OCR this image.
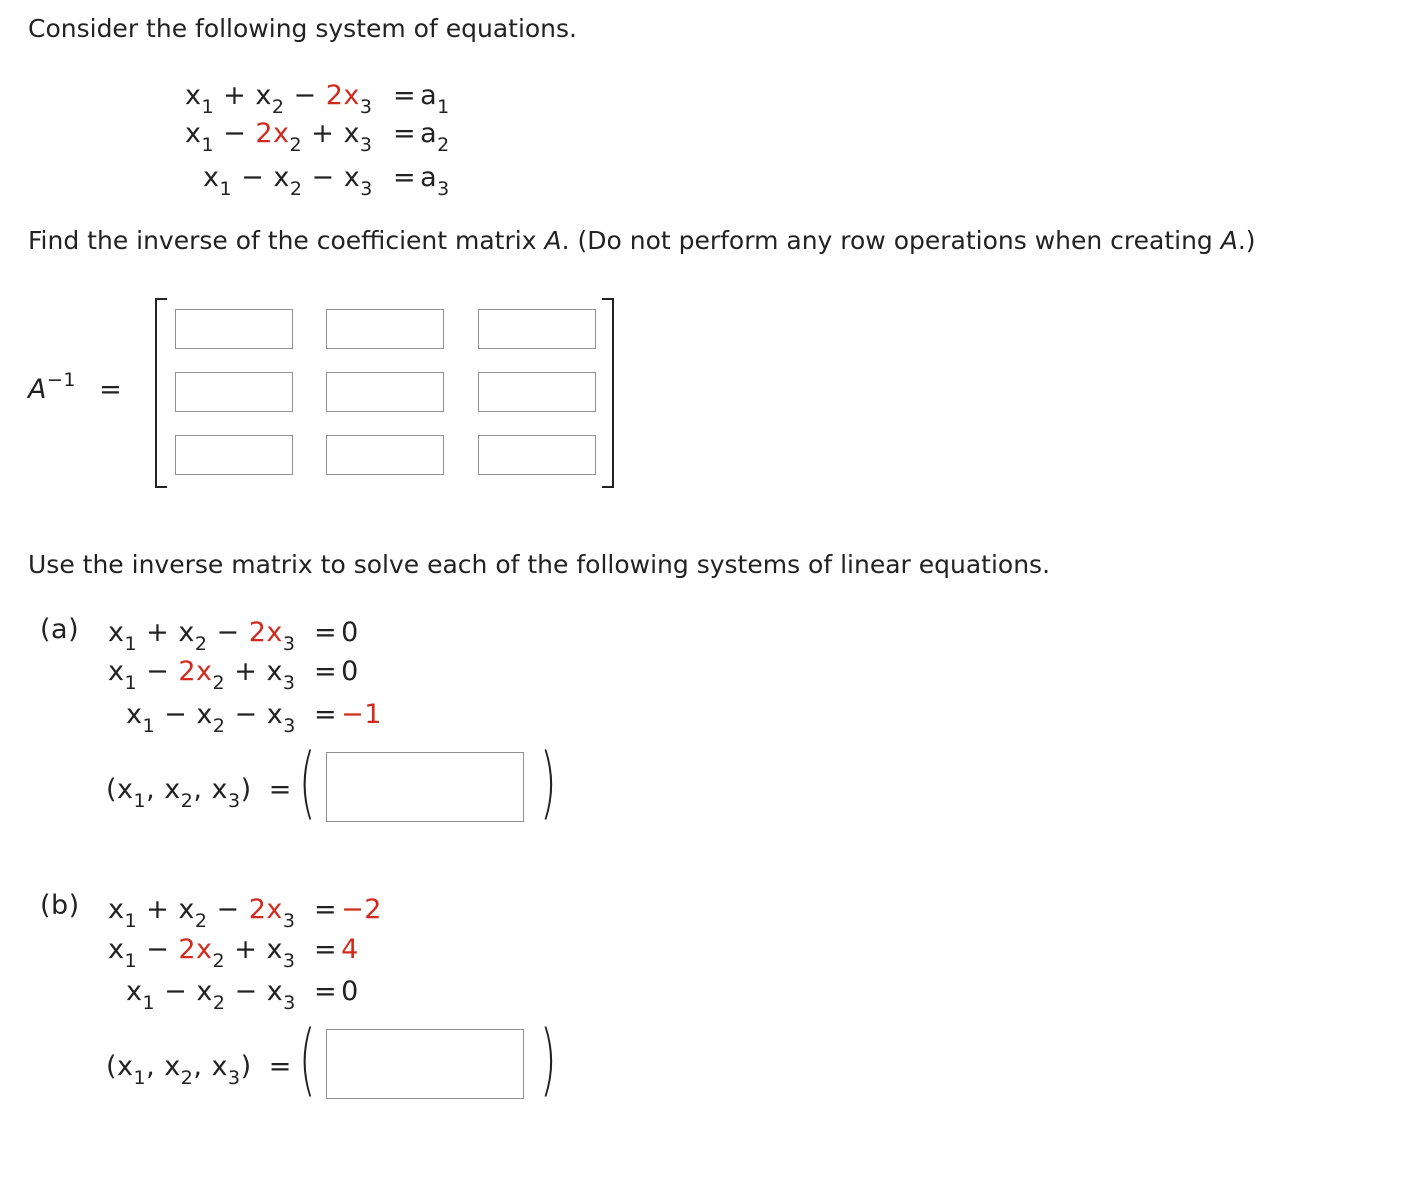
Consider the following system of equations.
$x_1 + x_2 - 2x_3 = a_1$
$x_1 - 2x_2 + x_3 = a_2$
$x_1 - x_2 - x_3 = a_3$
Find the inverse of the coefficient matrix A. (Do not perform any row operations when creating A.)
$A^{-1}$ =
Use the inverse matrix to solve each of the following systems of linear equations.
(a) $x_1 + x_2 - 2x_3 = 0$
$x_1 - 2x_2 + x_3 = 0$
$x_1 - x_2 - x_3 = -1$
($x_1$, $x_2$, $x_3$) = (	)
(b) $x_1 + x_2 - 2x_3 = -2$
$x_1 - 2x_2 + x_3 = 4$
$x_1 - x_2 - x_3 = 0$
($x_1$, $x_2$, $x_3$) = (	)
